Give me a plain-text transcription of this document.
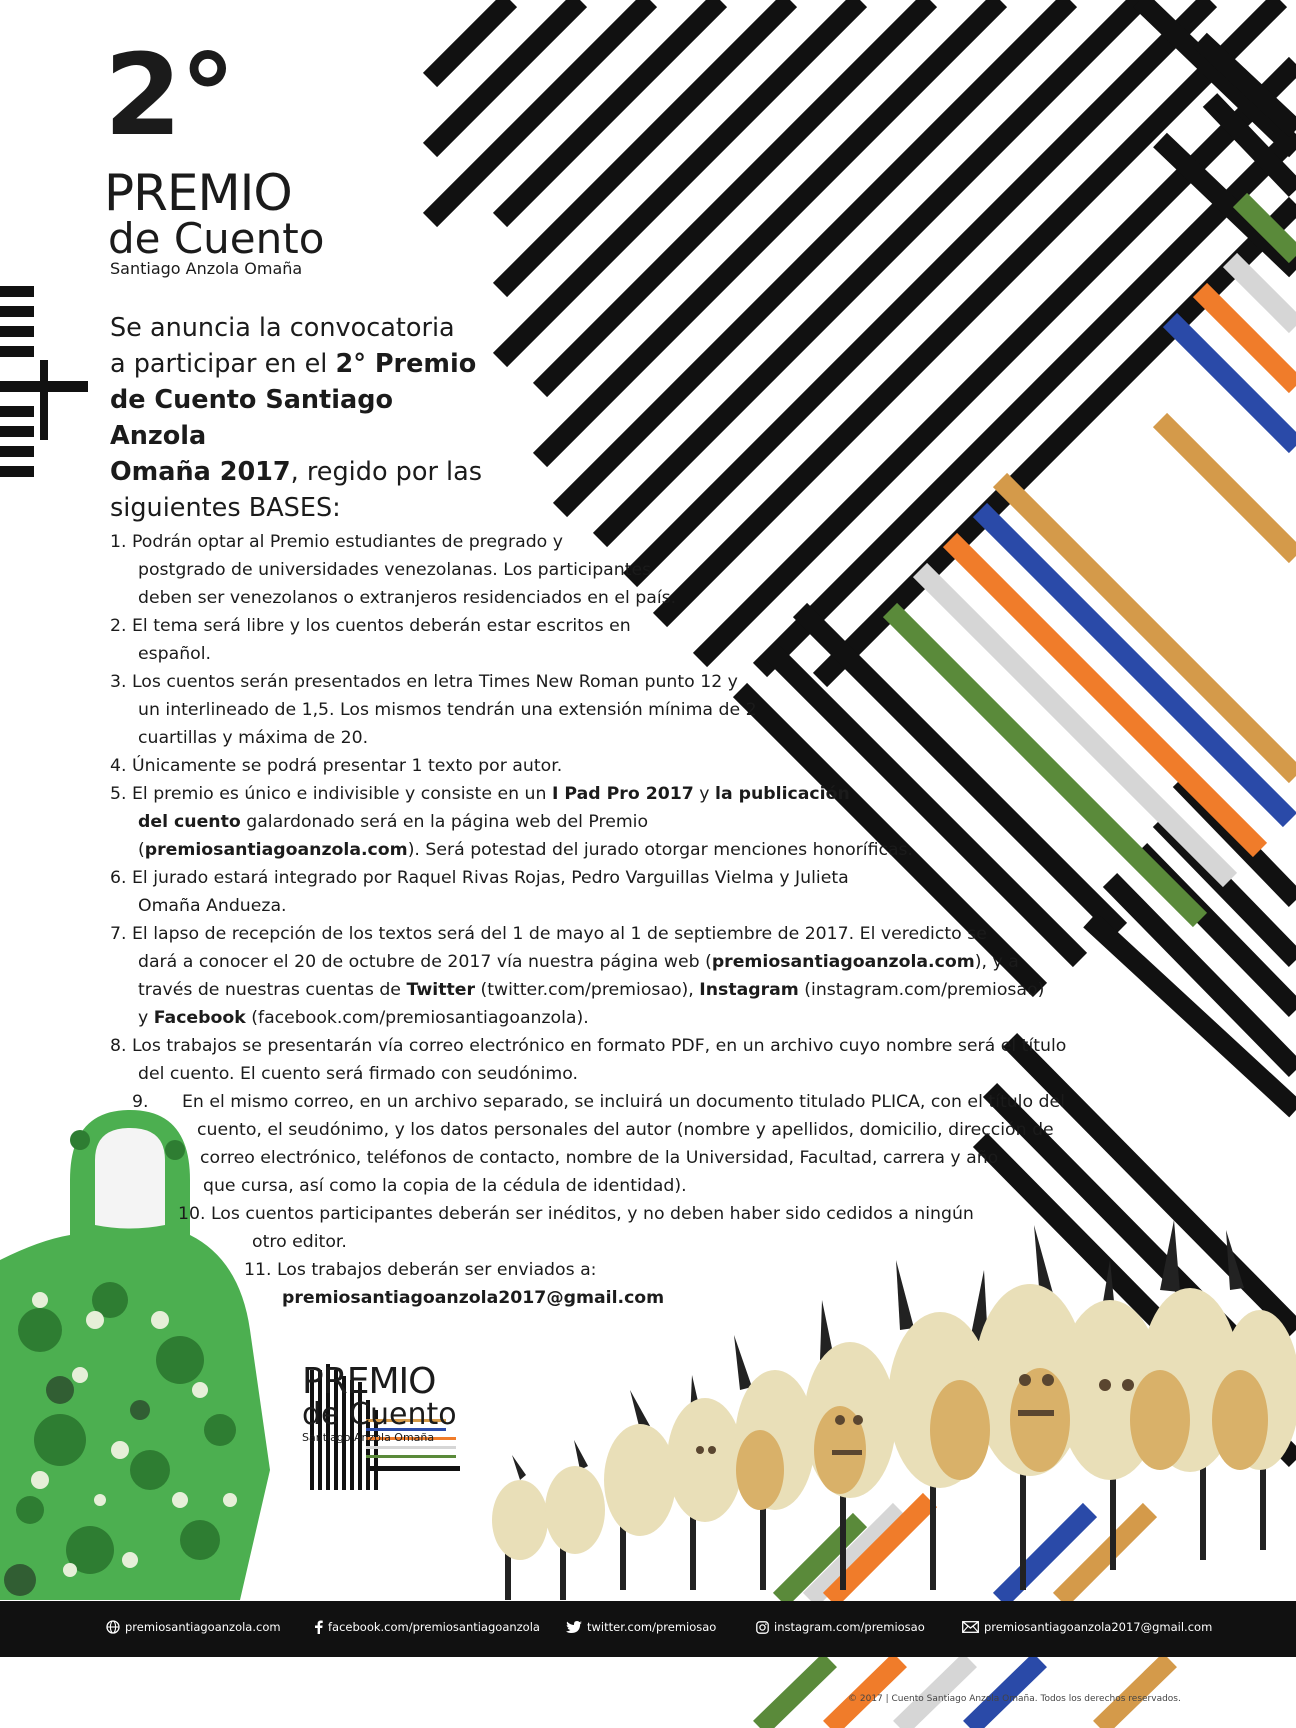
2°
PREMIO
de Cuento
Santiago Anzola Omaña
Se anuncia la convocatoria
a participar en el 2° Premio
de Cuento Santiago Anzola
Omaña 2017, regido por las
siguientes BASES:
1. Podrán optar al Premio estudiantes de pregrado y
postgrado de universidades venezolanas. Los participantes
deben ser venezolanos o extranjeros residenciados en el país.
2. El tema será libre y los cuentos deberán estar escritos en
español.
3. Los cuentos serán presentados en letra Times New Roman punto 12 y
un interlineado de 1,5. Los mismos tendrán una extensión mínima de 2
cuartillas y máxima de 20.
4. Únicamente se podrá presentar 1 texto por autor.
5. El premio es único e indivisible y consiste en un I Pad Pro 2017 y la publicación
del cuento galardonado será en la página web del Premio
(premiosantiagoanzola.com). Será potestad del jurado otorgar menciones honoríficas.
6. El jurado estará integrado por Raquel Rivas Rojas, Pedro Varguillas Vielma y Julieta
Omaña Andueza.
7. El lapso de recepción de los textos será del 1 de mayo al 1 de septiembre de 2017. El veredicto se
dará a conocer el 20 de octubre de 2017 vía nuestra página web (premiosantiagoanzola.com), y a
través de nuestras cuentas de Twitter (twitter.com/premiosao), Instagram (instagram.com/premiosao)
y Facebook (facebook.com/premiosantiagoanzola).
8. Los trabajos se presentarán vía correo electrónico en formato PDF, en un archivo cuyo nombre será el título
del cuento. El cuento será firmado con seudónimo.
9. En el mismo correo, en un archivo separado, se incluirá un documento titulado PLICA, con el título del
cuento, el seudónimo, y los datos personales del autor (nombre y apellidos, domicilio, dirección de
correo electrónico, teléfonos de contacto, nombre de la Universidad, Facultad, carrera y año
que cursa, así como la copia de la cédula de identidad).
10. Los cuentos participantes deberán ser inéditos, y no deben haber sido cedidos a ningún
otro editor.
11. Los trabajos deberán ser enviados a:
premiosantiagoanzola2017@gmail.com
PREMIO
de Cuento
Santiago Anzola Omaña
premiosantiagoanzola.com	facebook.com/premiosantiagoanzola	twitter.com/premiosao	instagram.com/premiosao	premiosantiagoanzola2017@gmail.com
© 2017 | Cuento Santiago Anzola Omaña. Todos los derechos reservados.
